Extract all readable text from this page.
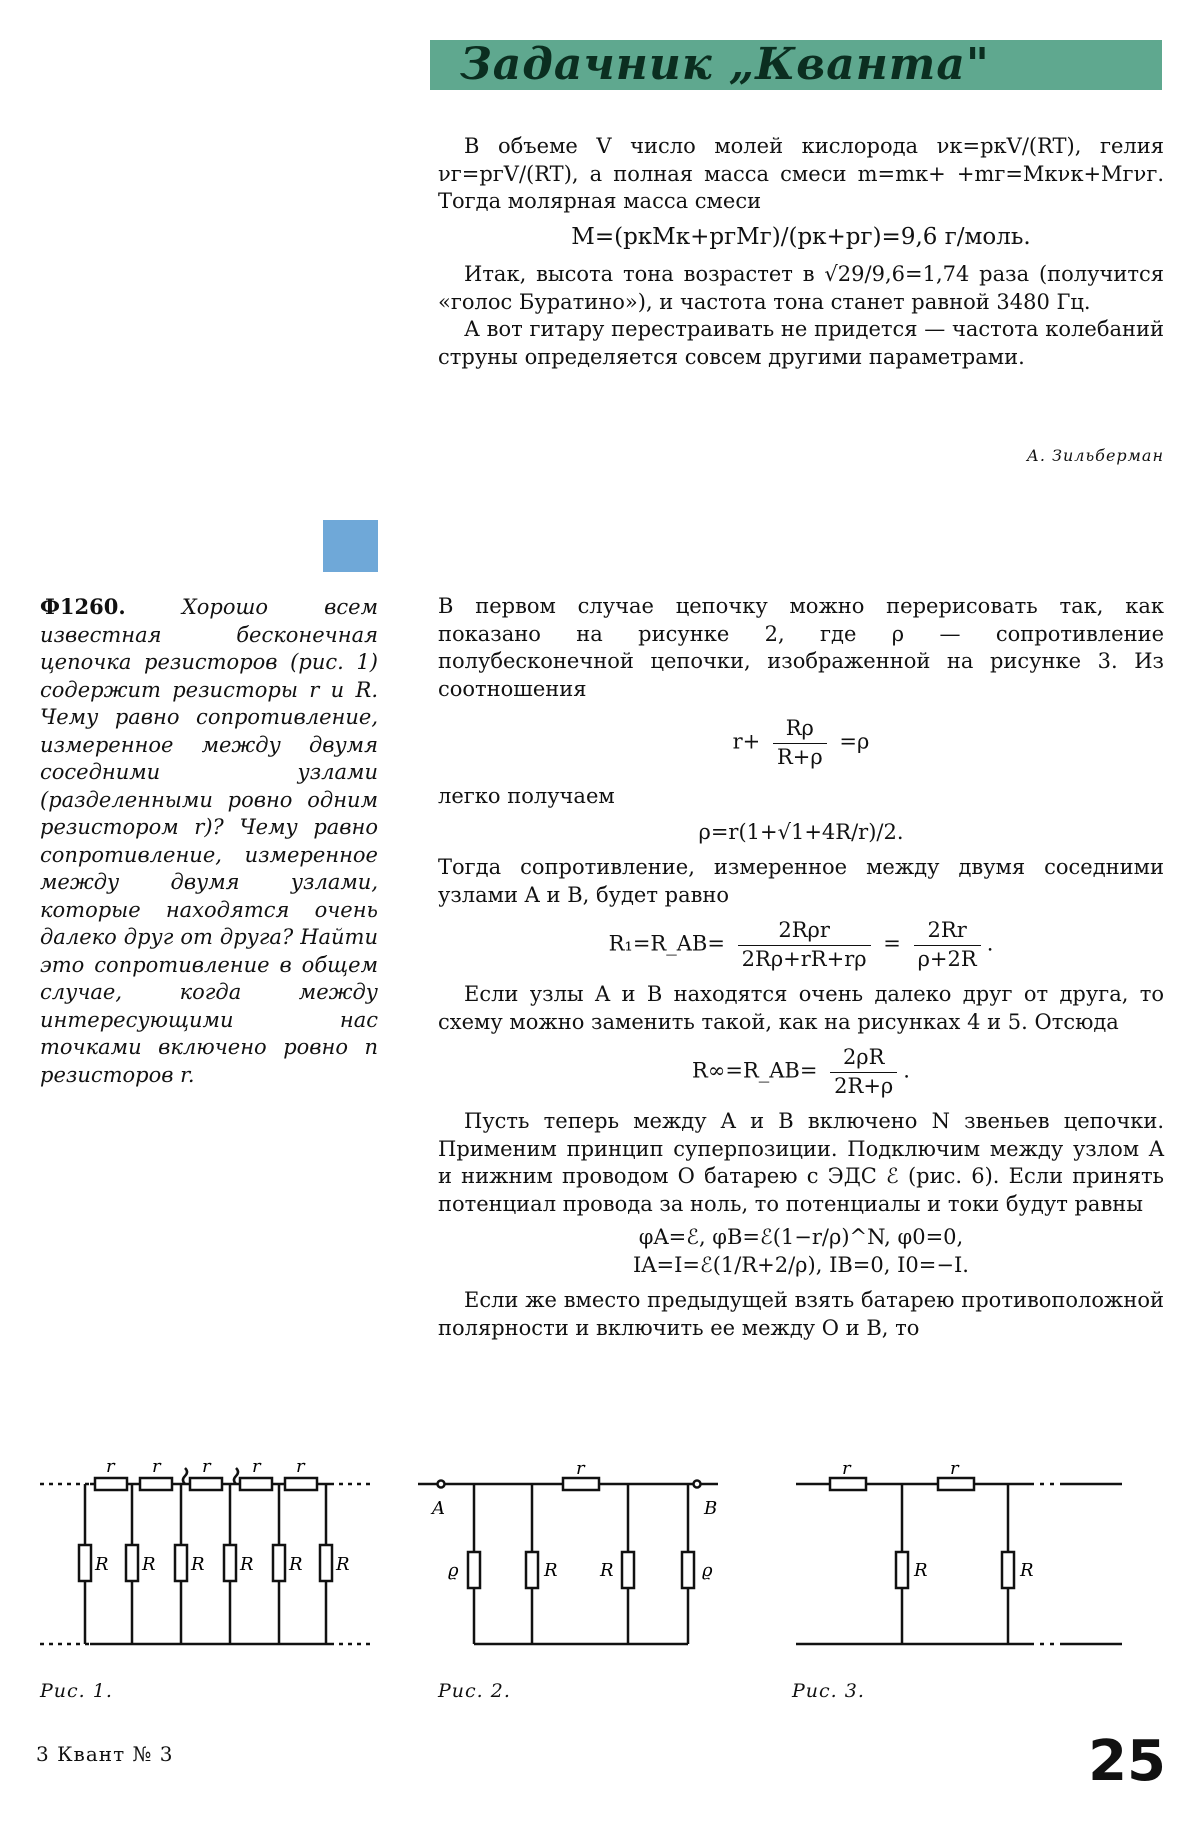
Задачник „Кванта"

В объеме V число молей кислорода νк=pкV/(RT), гелия νг=pгV/(RT), а полная масса смеси m=mк+ +mг=Mкνк+Mгνг. Тогда молярная масса смеси

M=(pкMк+pгMг)/(pк+pг)=9,6 г/моль.

Итак, высота тона возрастет в √29/9,6=1,74 раза (получится «голос Буратино»), и частота тона станет равной 3480 Гц.

А вот гитару перестраивать не придется — частота колебаний струны определяется совсем другими параметрами.

А. Зильберман

Ф1260.	Хорошо всем известная бесконечная цепочка резисторов (рис. 1) содержит резисторы r и R. Чему равно сопротивление, измеренное между двумя соседними узлами (разделенными ровно одним резистором r)? Чему равно сопротивление, измеренное между двумя узлами, которые находятся очень далеко друг от друга? Найти это сопротивление в общем случае, когда между интересующими нас точками включено ровно n резисторов r.

В первом случае цепочку можно перерисовать так, как показано на рисунке 2, где ρ — сопротивление полубесконечной цепочки, изображенной на рисунке 3. Из соотношения

$r+ \frac{R\rho}{R+\rho} =\rho$

легко получаем

ρ=r(1+√1+4R/r)/2.

Тогда сопротивление, измеренное между двумя соседними узлами A и B, будет равно

R₁=R_AB= $\frac{\text{2Rρr}}{2R\rho+rR+r\rho} = \frac{2Rr}{\rho+2R}$ .

Если узлы A и B находятся очень далеко друг от друга, то схему можно заменить такой, как на рисунках 4 и 5. Отсюда

R∞=R_AB= $\frac{2\rho R}{2R+\rho}$ .

Пусть теперь между A и B включено N звеньев цепочки. Применим принцип суперпозиции. Подключим между узлом A и нижним проводом O батарею с ЭДС ℰ (рис. 6). Если принять потенциал провода за ноль, то потенциалы и токи будут равны

φA=ℰ, φB=ℰ(1−r/ρ)^N, φ0=0,
IA=I=ℰ(1/R+2/ρ), IB=0, I0=−I.

Если же вместо предыдущей взять батарею противоположной полярности и включить ее между O и B, то

r r r r r
R R R R R R
Рис. 1.
r
A	B
ϱ	R R	ϱ
Рис. 2.
r	r
R	R
Рис. 3.
3 Квант № 3	25
